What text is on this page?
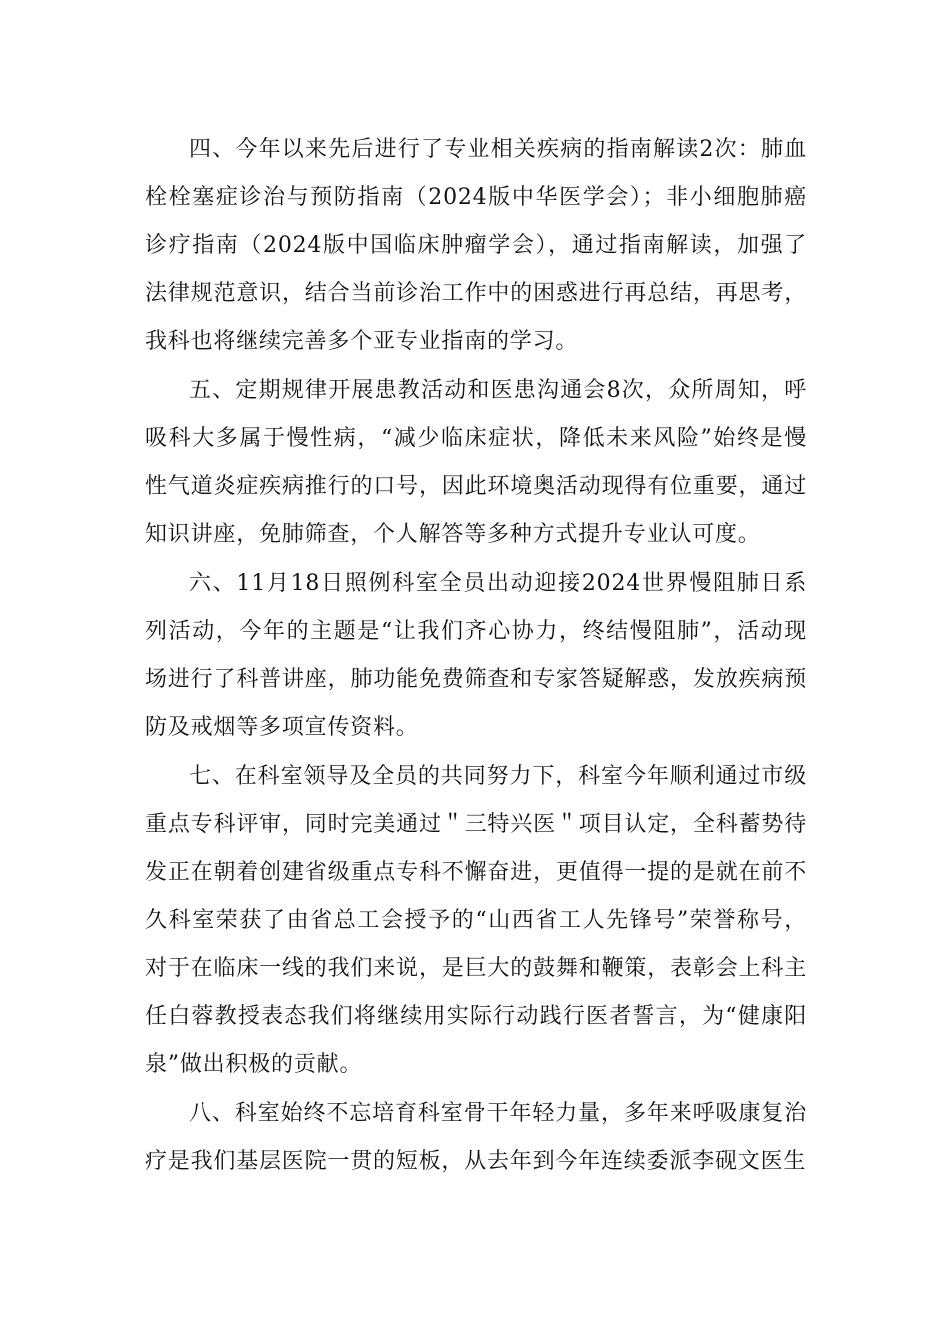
四、今年以来先后进行了专业相关疾病的指南解读2次：肺血栓栓塞症诊治与预防指南（2024版中华医学会）；非小细胞肺癌诊疗指南（2024版中国临床肿瘤学会），通过指南解读，加强了法律规范意识，结合当前诊治工作中的困惑进行再总结，再思考，我科也将继续完善多个亚专业指南的学习。

五、定期规律开展患教活动和医患沟通会8次，众所周知，呼吸科大多属于慢性病，“减少临床症状，降低未来风险”始终是慢性气道炎症疾病推行的口号，因此环境奥活动现得有位重要，通过知识讲座，免肺筛查，个人解答等多种方式提升专业认可度。

六、11月18日照例科室全员出动迎接2024世界慢阻肺日系列活动，今年的主题是“让我们齐心协力，终结慢阻肺”，活动现场进行了科普讲座，肺功能免费筛查和专家答疑解惑，发放疾病预防及戒烟等多项宣传资料。

七、在科室领导及全员的共同努力下，科室今年顺利通过市级重点专科评审，同时完美通过＂三特兴医＂项目认定，全科蓄势待发正在朝着创建省级重点专科不懈奋进，更值得一提的是就在前不久科室荣获了由省总工会授予的“山西省工人先锋号”荣誉称号，对于在临床一线的我们来说，是巨大的鼓舞和鞭策，表彰会上科主任白蓉教授表态我们将继续用实际行动践行医者誓言，为“健康阳泉”做出积极的贡献。

八、科室始终不忘培育科室骨干年轻力量，多年来呼吸康复治疗是我们基层医院一贯的短板，从去年到今年连续委派李砚文医生
